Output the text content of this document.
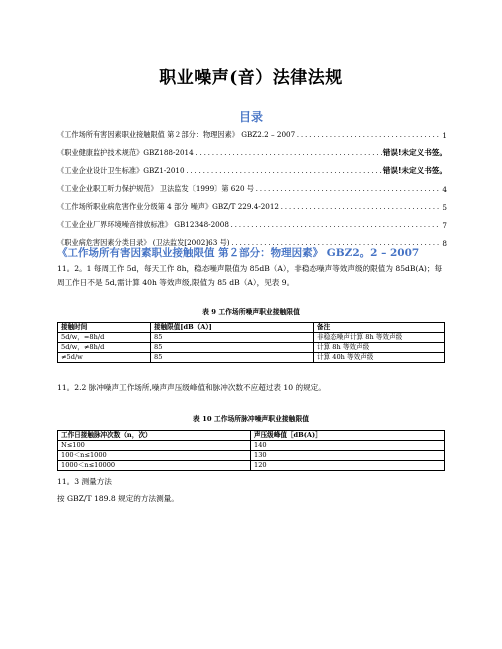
职业噪声(音）法律法规
目录
《工作场所有害因素职业接触限值 第２部分：物理因素》 GBZ2.2 – 2007 .....	1
《职业健康监护技术规范》GBZ188-2014 .....	错误!未定义书签。
《工业企业设计卫生标准》GBZ1-2010 .....	错误!未定义书签。
《工业企业职工听力保护规范》 卫法监发〔1999〕第 620 号 .....	4
《工作场所职业病危害作业分级第 4 部分 噪声》GBZ/T 229.4-2012 .....	5
《工业企业厂界环境噪音排放标准》 GB12348-2008 .....	7
《职业病危害因素分类目录》 (卫法监发[2002]63 号) .....	8
《工作场所有害因素职业接触限值 第２部分：物理因素》 GBZ2。2 – 2007
11。2。1 每周工作 5d，每天工作 8h，稳态噪声限值为 85dB（A），非稳态噪声等效声级的限值为 85dB(A)；每周工作日不是 5d,需计算 40h 等效声级,限值为 85 dB（A），见表 9。
表 9 工作场所噪声职业接触限值
接触时间	接触限值[dB（A）]	备注
5d/w，=8h/d	85	非稳态噪声计算 8h 等效声级
5d/w，≠8h/d	85	计算 8h 等效声级
≠5d/w	85	计算 40h 等效声级
11。2.2 脉冲噪声工作场所,噪声声压级峰值和脉冲次数不应超过表 10 的规定。
表 10 工作场所脉冲噪声职业接触限值
工作日接触脉冲次数（n，次）	声压级峰值［dB(A)］
N≤100	140
100＜n≤1000	130
1000＜n≤10000	120
11。3 测量方法
按 GBZ/T 189.8 规定的方法测量。
